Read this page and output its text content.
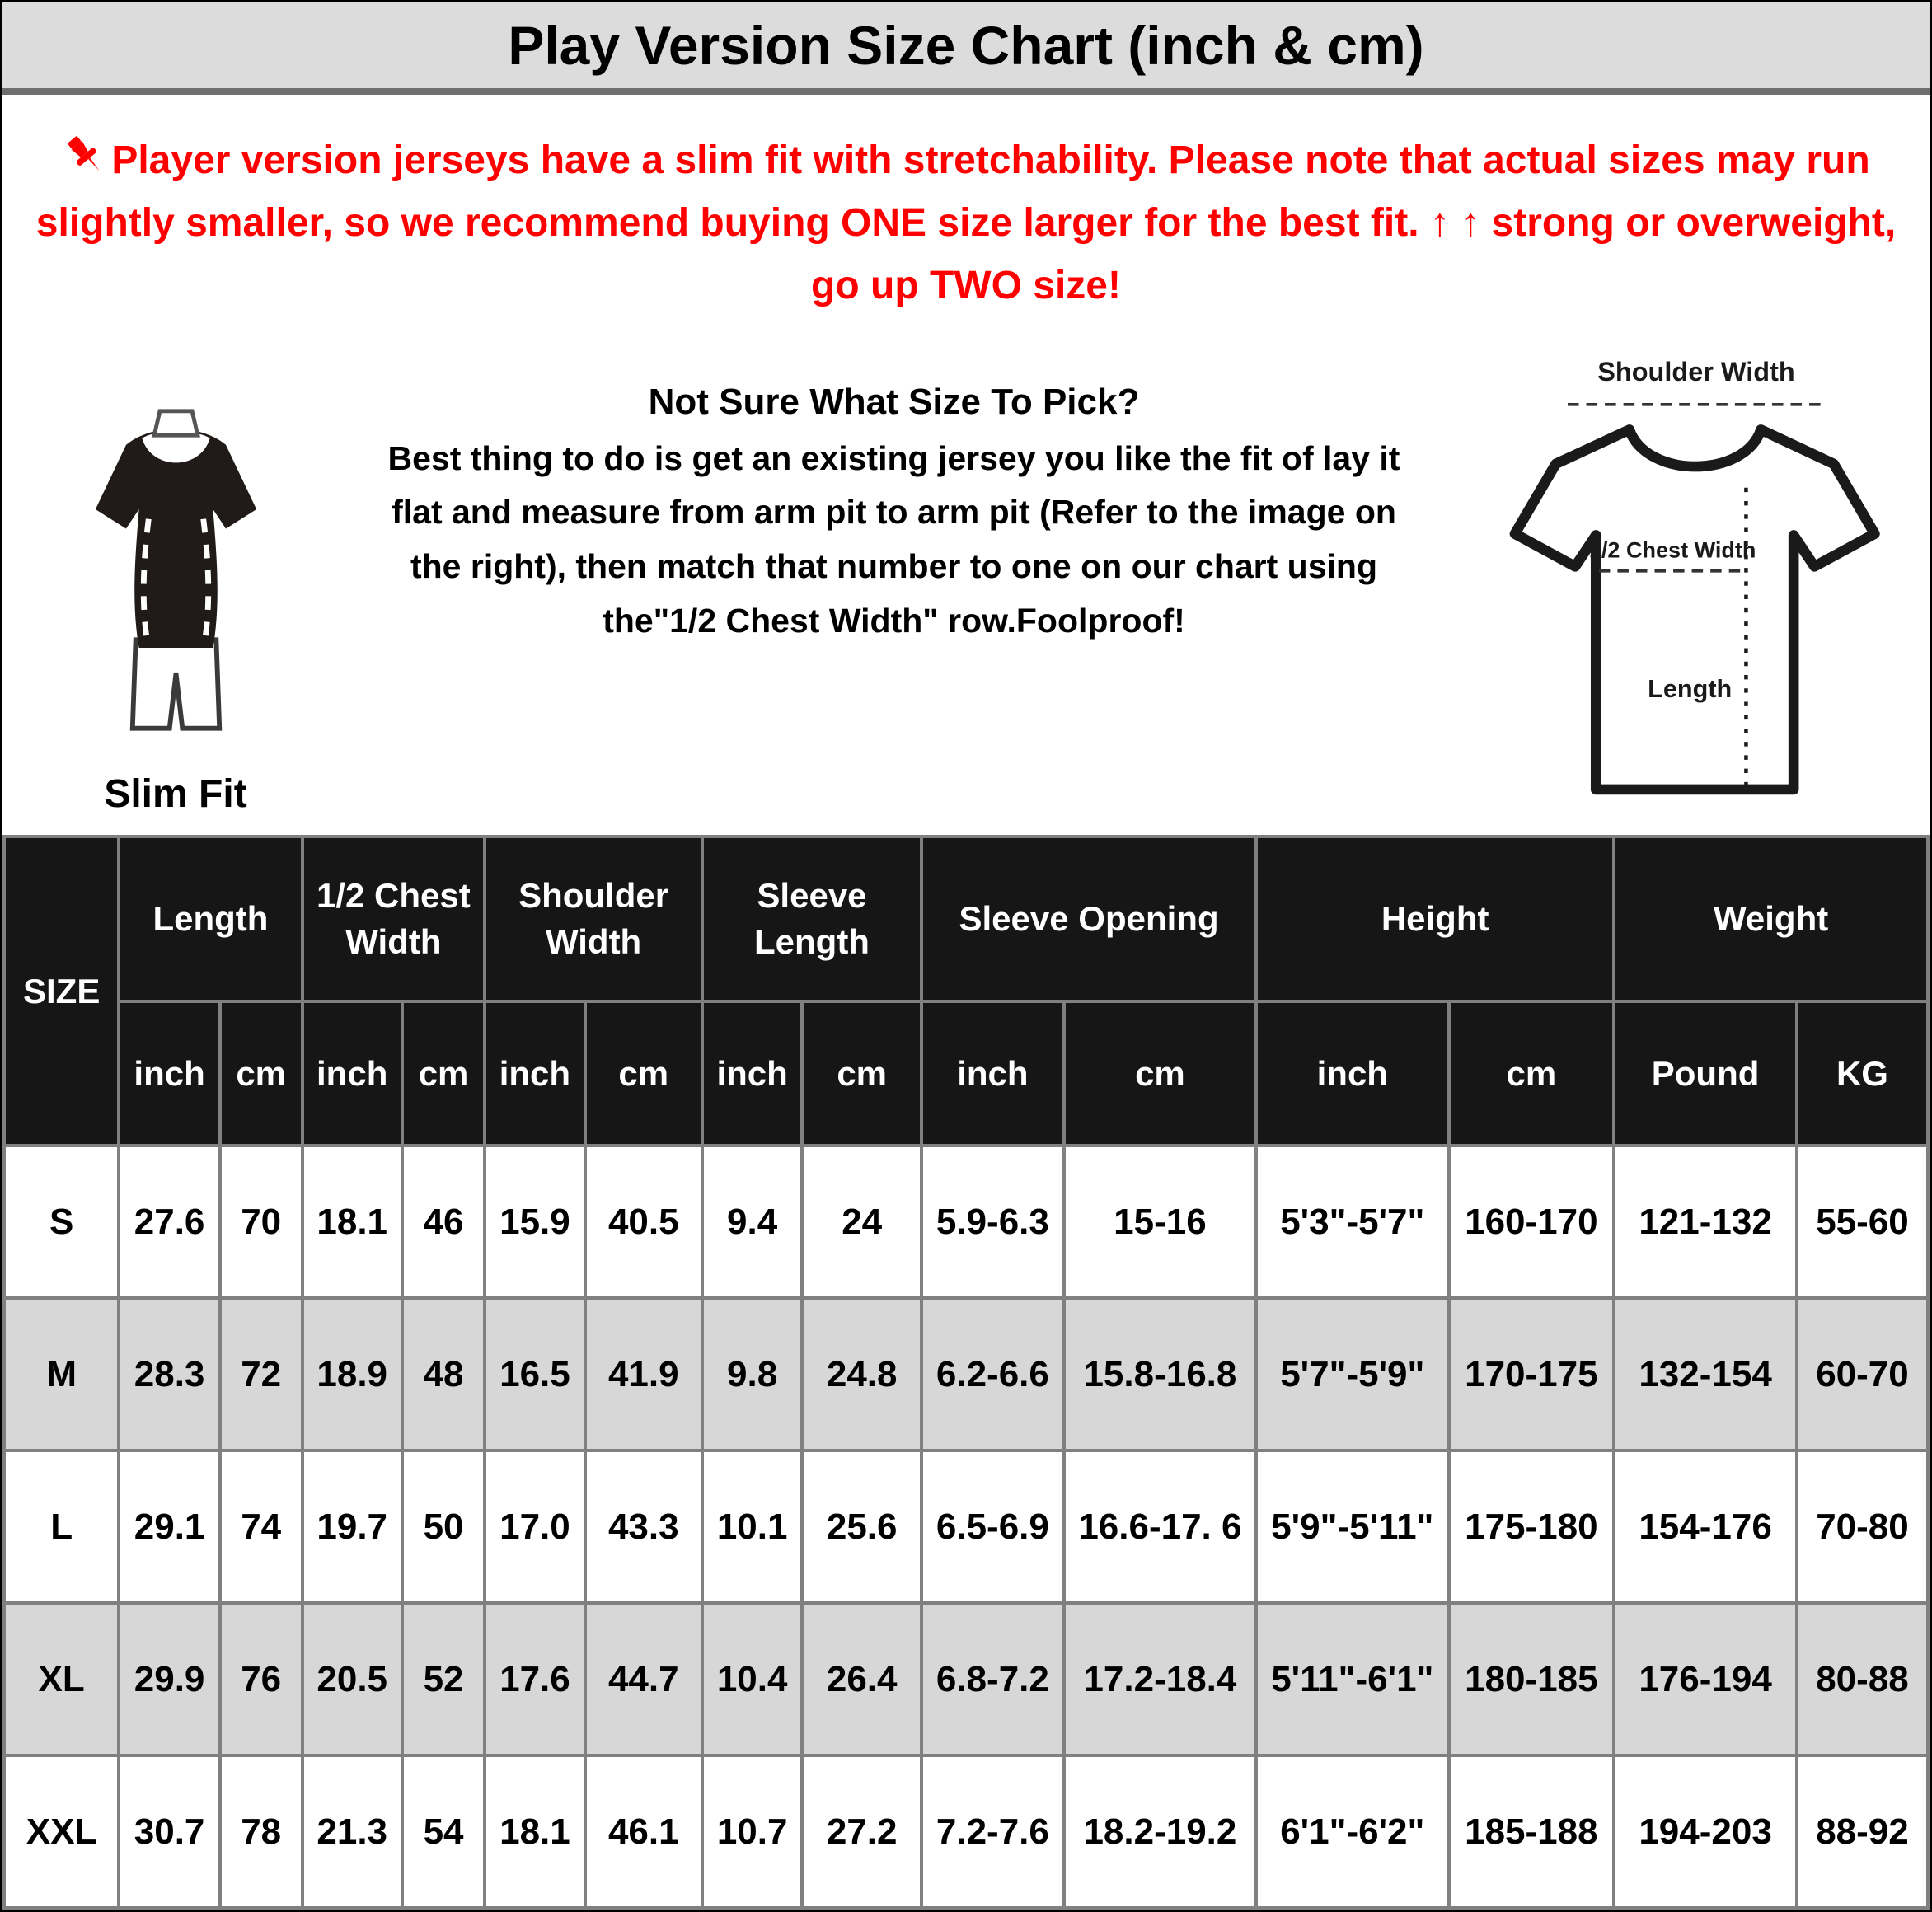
Play Version Size Chart (inch & cm)
Player version jerseys have a slim fit with stretchability. Please note that actual sizes may run
slightly smaller, so we recommend buying ONE size larger for the best fit. ↑ ↑ strong or overweight,
go up TWO size!
Slim Fit
Not Sure What Size To Pick?
Best thing to do is get an existing jersey you like the fit of lay it
flat and measure from arm pit to arm pit (Refer to the image on
the right), then match that number to one on our chart using
the"1/2 Chest Width" row.Foolproof!
Shoulder Width
1/2 Chest Width
Length
SIZE	Length		1/2 Chest Width		Shoulder Width		Sleeve Length		Sleeve Opening		Height		Weight	
	inch	cm	inch	cm	inch	cm	inch	cm	inch	cm	inch	cm	Pound	KG
S	27.6	70	18.1	46	15.9	40.5	9.4	24	5.9-6.3	15-16	5'3"-5'7"	160-170	121-132	55-60
M	28.3	72	18.9	48	16.5	41.9	9.8	24.8	6.2-6.6	15.8-16.8	5'7"-5'9"	170-175	132-154	60-70
L	29.1	74	19.7	50	17.0	43.3	10.1	25.6	6.5-6.9	16.6-17. 6	5'9"-5'11"	175-180	154-176	70-80
XL	29.9	76	20.5	52	17.6	44.7	10.4	26.4	6.8-7.2	17.2-18.4	5'11"-6'1"	180-185	176-194	80-88
XXL	30.7	78	21.3	54	18.1	46.1	10.7	27.2	7.2-7.6	18.2-19.2	6'1"-6'2"	185-188	194-203	88-92
